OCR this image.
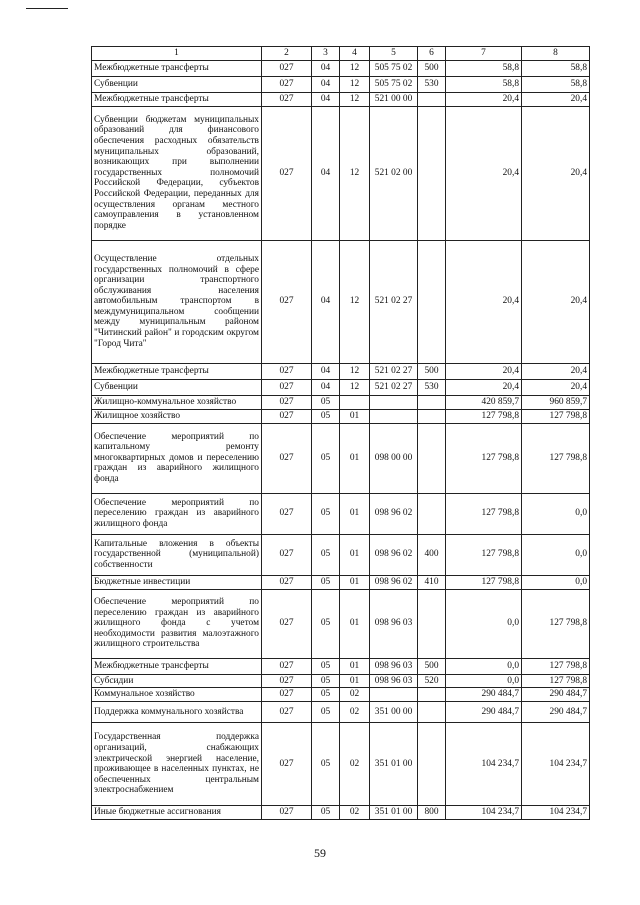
1	2	3	4	5	6	7	8
Межбюджетные трансферты	027	04	12	505 75 02	500	58,8	58,8
Субвенции	027	04	12	505 75 02	530	58,8	58,8
Межбюджетные трансферты	027	04	12	521 00 00		20,4	20,4
Субвенции бюджетам муниципальных образований для финансового обеспечения расходных обязательств муниципальных образований, возникающих при выполнении государственных полномочий Российской Федерации, субъектов Российской Федерации, переданных для осуществления органам местного самоуправления в установленном порядке	027	04	12	521 02 00		20,4	20,4
Осуществление отдельных государственных полномочий в сфере организации транспортного обслуживания населения автомобильным транспортом в междумуниципальном сообщении между муниципальным районом "Читинский район" и городским округом "Город Чита"	027	04	12	521 02 27		20,4	20,4
Межбюджетные трансферты	027	04	12	521 02 27	500	20,4	20,4
Субвенции	027	04	12	521 02 27	530	20,4	20,4
Жилищно-коммунальное хозяйство	027	05				420 859,7	960 859,7
Жилищное хозяйство	027	05	01			127 798,8	127 798,8
Обеспечение мероприятий по капитальному ремонту многоквартирных домов и переселению граждан из аварийного жилищного фонда	027	05	01	098 00 00		127 798,8	127 798,8
Обеспечение мероприятий по переселению граждан из аварийного жилищного фонда	027	05	01	098 96 02		127 798,8	0,0
Капитальные вложения в объекты государственной (муниципальной) собственности	027	05	01	098 96 02	400	127 798,8	0,0
Бюджетные инвестиции	027	05	01	098 96 02	410	127 798,8	0,0
Обеспечение мероприятий по переселению граждан из аварийного жилищного фонда с учетом необходимости развития малоэтажного жилищного строительства	027	05	01	098 96 03		0,0	127 798,8
Межбюджетные трансферты	027	05	01	098 96 03	500	0,0	127 798,8
Субсидии	027	05	01	098 96 03	520	0,0	127 798,8
Коммунальное хозяйство	027	05	02			290 484,7	290 484,7
Поддержка коммунального хозяйства	027	05	02	351 00 00		290 484,7	290 484,7
Государственная поддержка организаций, снабжающих электрической энергией население, проживающее в населенных пунктах, не обеспеченных центральным электроснабжением	027	05	02	351 01 00		104 234,7	104 234,7
Иные бюджетные ассигнования	027	05	02	351 01 00	800	104 234,7	104 234,7
59
